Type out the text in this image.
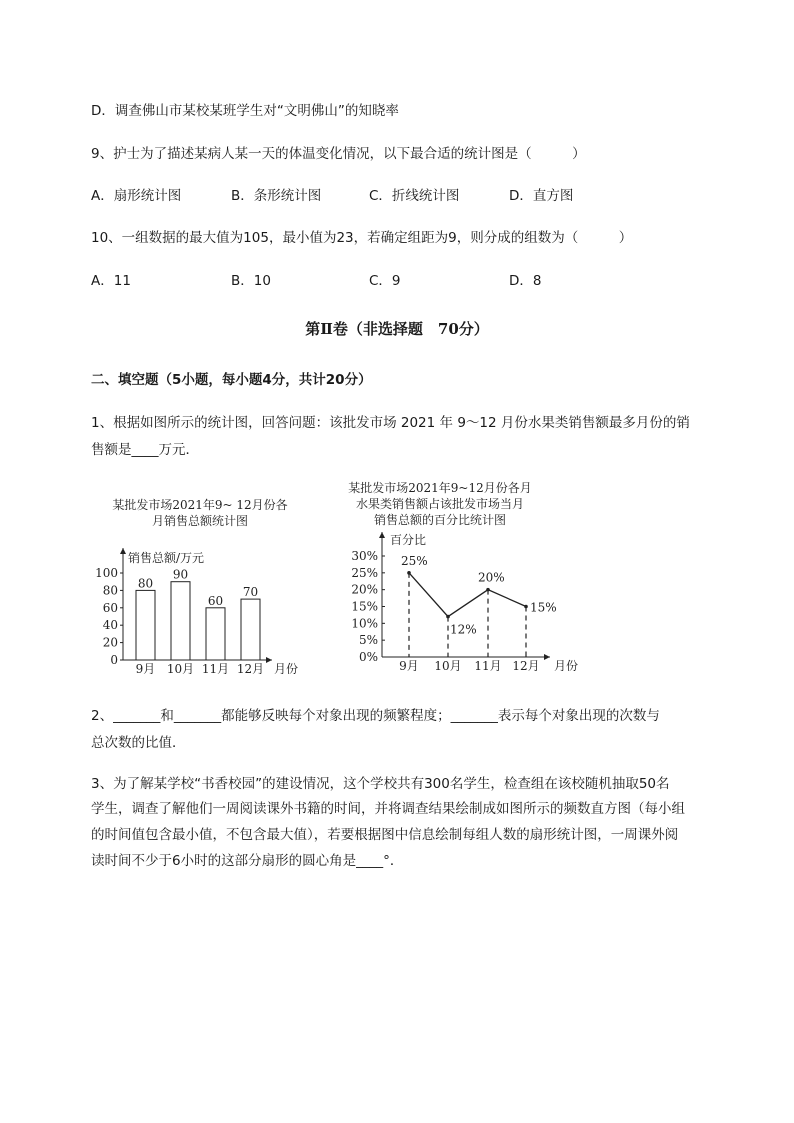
D．调查佛山市某校某班学生对“文明佛山”的知晓率
9、护士为了描述某病人某一天的体温变化情况，以下最合适的统计图是（　　　）
A．扇形统计图	B．条形统计图	C．折线统计图	D．直方图
10、一组数据的最大值为105，最小值为23，若确定组距为9，则分成的组数为（　　　）
A．11	B．10	C．9	D．8
第Ⅱ卷（非选择题　70分）
二、填空题（5小题，每小题4分，共计20分）
1、根据如图所示的统计图，回答问题：该批发市场 2021 年 9～12 月份水果类销售额最多月份的销
售额是____万元．
某批发市场2021年9~ 12月份各
月销售总额统计图
某批发市场2021年9~12月份各月
水果类销售额占该批发市场当月
销售总额的百分比统计图
销售总额/万元
月份
0
20
40
60
80
100
80
9月
90
10月
60
11月
70
12月
百分比
月份
0%
5%
10%
15%
20%
25%
30% 25%
9月
12%
10月
20%
11月
15%
12月
2、_______和_______都能够反映每个对象出现的频繁程度；_______表示每个对象出现的次数与
总次数的比值．
3、为了解某学校“书香校园”的建设情况，这个学校共有300名学生，检查组在该校随机抽取50名
学生，调查了解他们一周阅读课外书籍的时间，并将调查结果绘制成如图所示的频数直方图（每小组
的时间值包含最小值，不包含最大值），若要根据图中信息绘制每组人数的扇形统计图，一周课外阅
读时间不少于6小时的这部分扇形的圆心角是____°．
